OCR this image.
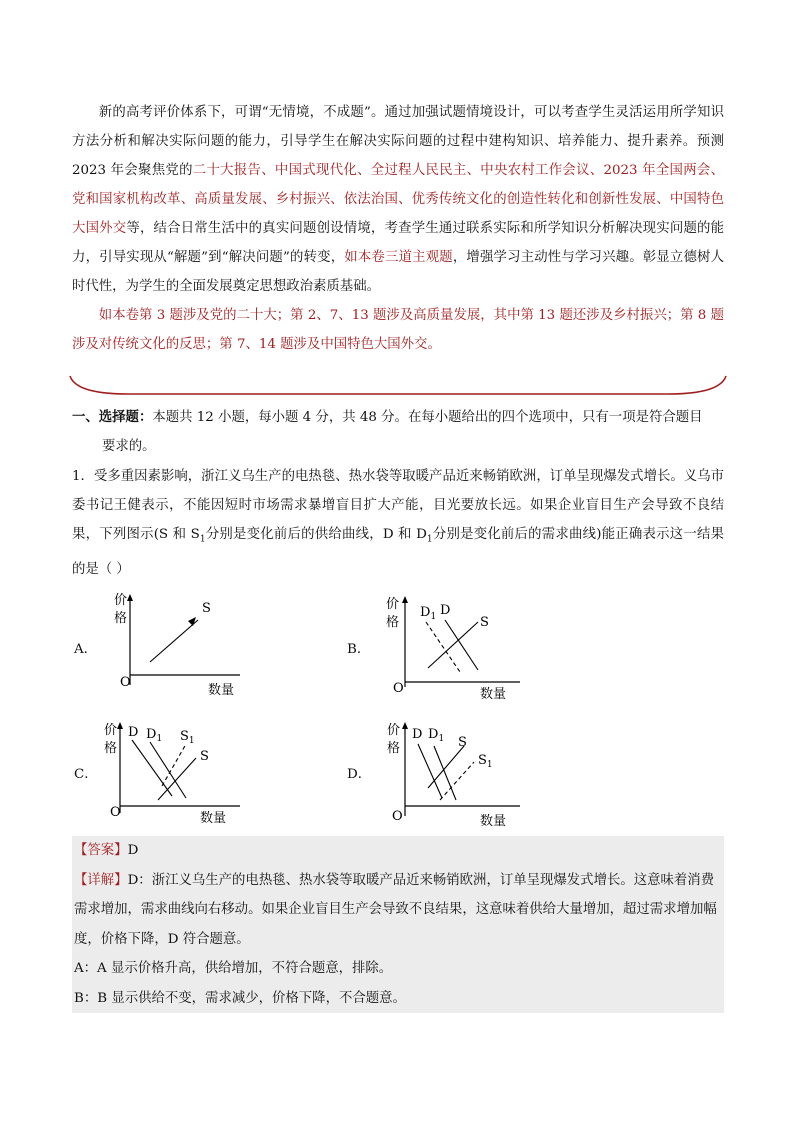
新的高考评价体系下，可谓“无情境，不成题”。通过加强试题情境设计，可以考查学生灵活运用所学知识方法分析和解决实际问题的能力，引导学生在解决实际问题的过程中建构知识、培养能力、提升素养。预测 2023 年会聚焦党的二十大报告、中国式现代化、全过程人民民主、中央农村工作会议、2023 年全国两会、党和国家机构改革、高质量发展、乡村振兴、依法治国、优秀传统文化的创造性转化和创新性发展、中国特色大国外交等，结合日常生活中的真实问题创设情境，考查学生通过联系实际和所学知识分析解决现实问题的能力，引导实现从“解题”到“解决问题”的转变，如本卷三道主观题，增强学习主动性与学习兴趣。彰显立德树人时代性，为学生的全面发展奠定思想政治素质基础。

如本卷第 3 题涉及党的二十大；第 2、7、13 题涉及高质量发展，其中第 13 题还涉及乡村振兴；第 8 题涉及对传统文化的反思；第 7、14 题涉及中国特色大国外交。

一、选择题：本题共 12 小题，每小题 4 分，共 48 分。在每小题给出的四个选项中，只有一项是符合题目
要求的。
1．受多重因素影响，浙江义乌生产的电热毯、热水袋等取暖产品近来畅销欧洲，订单呈现爆发式增长。义乌市委书记王健表示，不能因短时市场需求暴增盲目扩大产能，目光要放长远。如果企业盲目生产会导致不良结果，下列图示(S 和 $S_1$分别是变化前后的供给曲线，D 和 $D_1$分别是变化前后的需求曲线)能正确表示这一结果的是（ ）
A．
价
格
O
数量
S
B．
价
格
O	数量
$D_1$ D
S
C．
价
格
O	数量
D $D_1$ $S_1$
S
D．
价
格
O	数量
D $D_1$ S
$S_1$
【答案】D
【详解】D：浙江义乌生产的电热毯、热水袋等取暖产品近来畅销欧洲，订单呈现爆发式增长。这意味着消费需求增加，需求曲线向右移动。如果企业盲目生产会导致不良结果，这意味着供给大量增加，超过需求增加幅度，价格下降，D 符合题意。
A：A 显示价格升高，供给增加，不符合题意，排除。
B：B 显示供给不变，需求减少，价格下降，不合题意。
